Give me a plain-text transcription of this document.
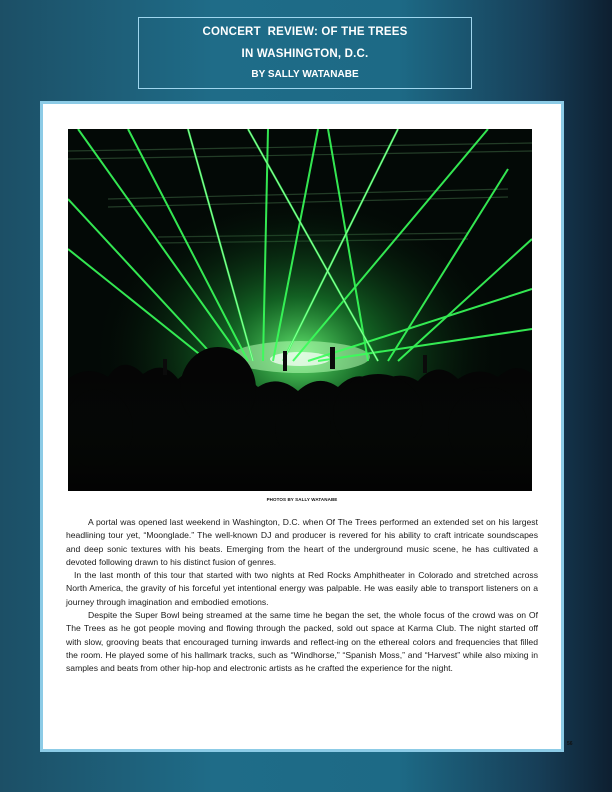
CONCERT  REVIEW: OF THE TREES
IN WASHINGTON, D.C.
BY SALLY WATANABE
PHOTOS BY SALLY WATANABE

A portal was opened last weekend in Washington, D.C. when Of The Trees performed an extended set on his largest headlining tour yet, “Moonglade.” The well-known DJ and producer is revered for his ability to craft intricate soundscapes and deep sonic textures with his beats. Emerging from the heart of the underground music scene, he has cultivated a devoted following drawn to his distinct fusion of genres.

In the last month of this tour that started with two nights at Red Rocks Amphitheater in Colorado and stretched across North America, the gravity of his forceful yet intentional energy was palpable. He was easily able to transport listeners on a journey through imagination and embodied emotions.

Despite the Super Bowl being streamed at the same time he began the set, the whole focus of the crowd was on Of The Trees as he got people moving and flowing through the packed, sold out space at Karma Club. The night started off with slow, grooving beats that encouraged turning inwards and reflect-ing on the ethereal colors and frequencies that filled the room. He played some of his hallmark tracks, such as “Windhorse,” “Spanish Moss,” and “Harvest” while also mixing in samples and beats from other hip-hop and electronic artists as he crafted the experience for the night.

56
